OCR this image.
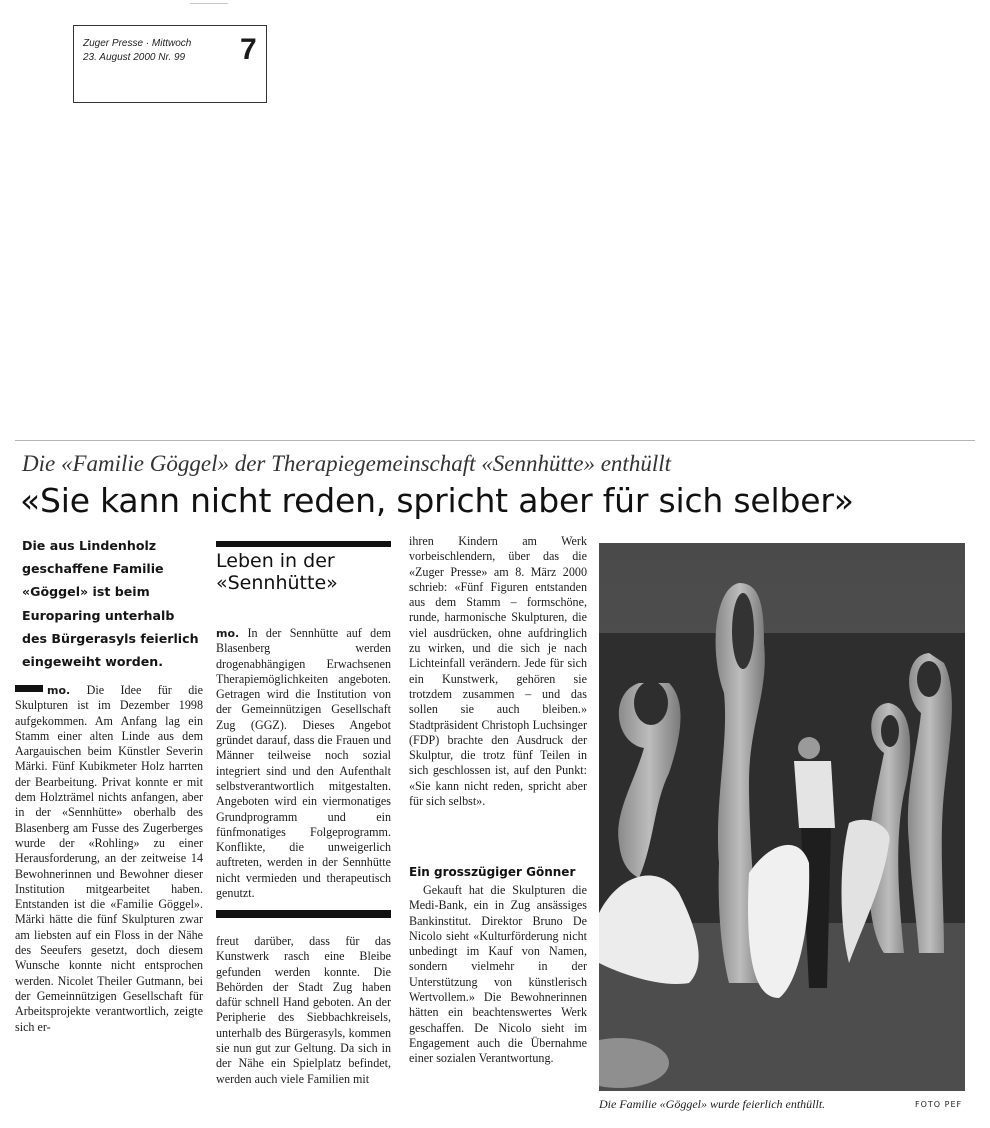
Zuger Presse · Mittwoch
23. August 2000 Nr. 99 7
Die «Familie Göggel» der Therapiegemeinschaft «Sennhütte» enthüllt
«Sie kann nicht reden, spricht aber für sich selber»
Die aus Lindenholz geschaffene Familie «Göggel» ist beim Europaring unterhalb des Bürgerasyls feierlich eingeweiht worden.

mo. Die Idee für die Skulpturen ist im Dezember 1998 aufgekommen. Am Anfang lag ein Stamm einer alten Linde aus dem Aargauischen beim Künstler Severin Märki. Fünf Kubikmeter Holz harrten der Bearbeitung. Privat konnte er mit dem Holzträmel nichts anfangen, aber in der «Sennhütte» oberhalb des Blasenberg am Fusse des Zugerberges wurde der «Rohling» zu einer Herausforderung, an der zeitweise 14 Bewohnerinnen und Bewohner dieser Institution mitgearbeitet haben. Entstanden ist die «Familie Göggel». Märki hätte die fünf Skulpturen zwar am liebsten auf ein Floss in der Nähe des Seeufers gesetzt, doch diesem Wunsche konnte nicht entsprochen werden. Nicolet Theiler Gutmann, bei der Gemeinnützigen Gesellschaft für Arbeitsprojekte verantwortlich, zeigte sich er-

Leben in der
«Sennhütte»

mo. In der Sennhütte auf dem Blasenberg werden drogenabhängigen Erwachsenen Therapiemöglichkeiten angeboten. Getragen wird die Institution von der Gemeinnützigen Gesellschaft Zug (GGZ). Dieses Angebot gründet darauf, dass die Frauen und Männer teilweise noch sozial integriert sind und den Aufenthalt selbstverantwortlich mitgestalten. Angeboten wird ein viermonatiges Grundprogramm und ein fünfmonatiges Folgeprogramm. Konflikte, die unweigerlich auftreten, werden in der Sennhütte nicht vermieden und therapeutisch genutzt.

freut darüber, dass für das Kunstwerk rasch eine Bleibe gefunden werden konnte. Die Behörden der Stadt Zug haben dafür schnell Hand geboten. An der Peripherie des Siebbachkreisels, unterhalb des Bürgerasyls, kommen sie nun gut zur Geltung. Da sich in der Nähe ein Spielplatz befindet, werden auch viele Familien mit

ihren Kindern am Werk vorbeischlendern, über das die «Zuger Presse» am 8. März 2000 schrieb: «Fünf Figuren entstanden aus dem Stamm – formschöne, runde, harmonische Skulpturen, die viel ausdrücken, ohne aufdringlich zu wirken, und die sich je nach Lichteinfall verändern. Jede für sich ein Kunstwerk, gehören sie trotzdem zusammen – und das sollen sie auch bleiben.» Stadtpräsident Christoph Luchsinger (FDP) brachte den Ausdruck der Skulptur, die trotz fünf Teilen in sich geschlossen ist, auf den Punkt: «Sie kann nicht reden, spricht aber für sich selbst».

Ein grosszügiger Gönner

Gekauft hat die Skulpturen die Medi-Bank, ein in Zug ansässiges Bankinstitut. Direktor Bruno De Nicolo sieht «Kulturförderung nicht unbedingt im Kauf von Namen, sondern vielmehr in der Unterstützung von künstlerisch Wertvollem.» Die Bewohnerinnen hätten ein beachtenswertes Werk geschaffen. De Nicolo sieht im Engagement auch die Übernahme einer sozialen Verantwortung.

Die Familie «Göggel» wurde feierlich enthüllt.	FOTO PEF
